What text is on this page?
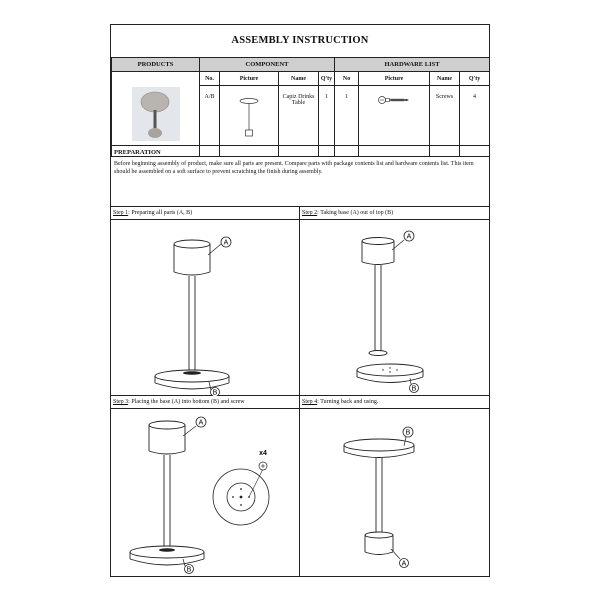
ASSEMBLY INSTRUCTION
PRODUCTS	COMPONENT				HARDWARE LIST			

	No.	Picture	Name	Q'ty	No	Picture	Name	Q'ty
	A/B		Capiz Drinks Table	1	1		Screws	4
PREPARATION
Before beginning assembly of product, make sure all parts are present. Compare parts with package contents list and hardware contents list. This item should be assembled on a soft surface to prevent scratching the finish during assembly.
Step 1: Preparing all parts (A, B)
A
B
Step 2: Taking base (A) out of top (B)
A
B
Step 3: Placing the base (A) into bottom (B) and screw
A
B
x4
Step 4: Turning back and using.
B
A
